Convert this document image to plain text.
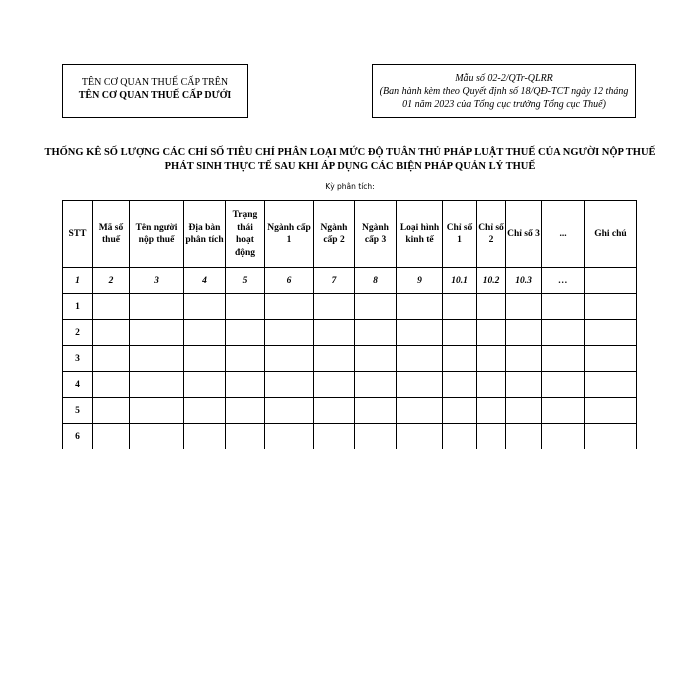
TÊN CƠ QUAN THUẾ CẤP TRÊN
TÊN CƠ QUAN THUẾ CẤP DƯỚI
Mẫu số 02-2/QTr-QLRR
(Ban hành kèm theo Quyết định số 18/QĐ-TCT ngày 12 tháng 01 năm 2023 của Tổng cục trưởng Tổng cục Thuế)
THỐNG KÊ SỐ LƯỢNG CÁC CHỈ SỐ TIÊU CHÍ PHÂN LOẠI MỨC ĐỘ TUÂN THỦ PHÁP LUẬT THUẾ CỦA NGƯỜI NỘP THUẾ PHÁT SINH THỰC TẾ SAU KHI ÁP DỤNG CÁC BIỆN PHÁP QUẢN LÝ THUẾ
Kỳ phân tích:
STT	Mã số thuế	Tên người nộp thuế	Địa bàn phân tích	Trạng thái hoạt động	Ngành cấp 1	Ngành cấp 2	Ngành cấp 3	Loại hình kinh tế	Chỉ số 1	Chỉ số 2	Chỉ số 3	...	Ghi chú
1	2	3	4	5	6	7	8	9	10.1	10.2	10.3	…	
1													
2													
3													
4													
5													
6													
